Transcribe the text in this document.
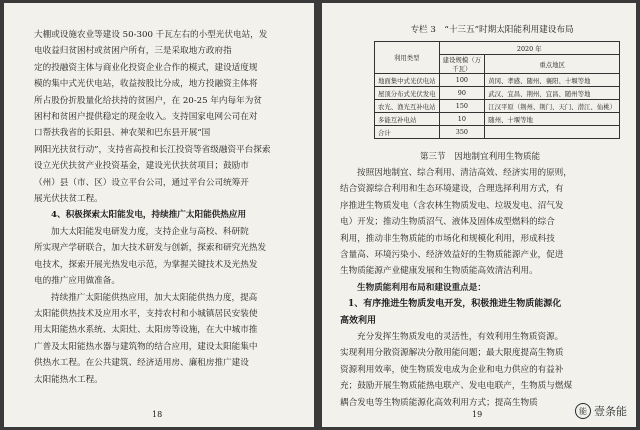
大棚或设施农业等建设 50-300 千瓦左右的小型光伏电站，发
电收益归贫困村或贫困户所有，三是采取地方政府指
定的投融资主体与商业化投资企业合作的模式，建设适度规
模的集中式光伏电站，收益按股比分成，地方投融资主体将
所占股份折股量化给扶持的贫困户，在 20-25 年内每年为贫
困村和贫困户提供稳定的现金收入。支持国家电网公司在对
口帮扶我省的长阳县、神农架和巴东县开展“国
网阳光扶贫行动”，支持省高投和长江投资等省级融资平台探索
设立光伏扶贫产业投资基金，建设光伏扶贫项目；鼓励市
（州）县（市、区）设立平台公司，通过平台公司统筹开
展光伏扶贫工程。
4、积极探索太阳能发电，持续推广太阳能供热应用
加大太阳能发电研发力度，支持企业与高校、科研院
所实现产学研联合，加大技术研发与创新，探索和研究光热发
电技术，探索开展光热发电示范，为掌握关键技术及光热发
电的推广应用做准备。
持续推广太阳能供热应用，加大太阳能供热力度，提高
太阳能供热技术及应用水平，支持农村和小城镇居民安装使
用太阳能热水系统、太阳灶、太阳房等设施，在大中城市推
广普及太阳能热水器与建筑物的结合应用，建设太阳能集中
供热水工程。在公共建筑、经济适用房、廉租房推广建设
太阳能热水工程。
18
专栏 3　“十三五”时期太阳能利用建设布局
利用类型	2020 年	
	建设规模（万千瓦）	重点地区
地面集中式光伏电站	100	黄冈、孝感、随州、襄阳、十堰等地
屋顶分布式光伏发电	90	武汉、宜昌、荆州、宜昌、随州等地
农光、渔光互补电站	150	江汉平原（荆州、荆门、天门、潜江、仙桃）
多能互补电站	10	随州、十堰等地
合计	350	
第三节　因地制宜利用生物质能
按照因地制宜、综合利用、清洁高效、经济实用的原则，
结合资源综合利用和生态环境建设，合理选择利用方式，有
序推进生物质发电（含农林生物质发电、垃圾发电、沼气发
电）开发；推动生物质沼气、液体及固体成型燃料的综合
利用，推动非生物质能的市场化和规模化利用，形成科技
含量高、环境污染小、经济效益好的生物质能源产业，促进
生物质能源产业健康发展和生物质能高效清洁利用。
生物质能利用布局和建设重点是：
1、有序推进生物质发电开发，积极推进生物质能源化
高效利用
充分发挥生物质发电的灵活性，有效利用生物质资源。
实现利用分散资源解决分散用能问题；最大限度提高生物质
资源利用效率，使生物质发电成为企业和电力供应的有益补
充；鼓励开展生物质能热电联产、发电电联产，生物质与燃煤
耦合发电等生物质能源化高效利用方式；提高生物质
19	能 壹条能
